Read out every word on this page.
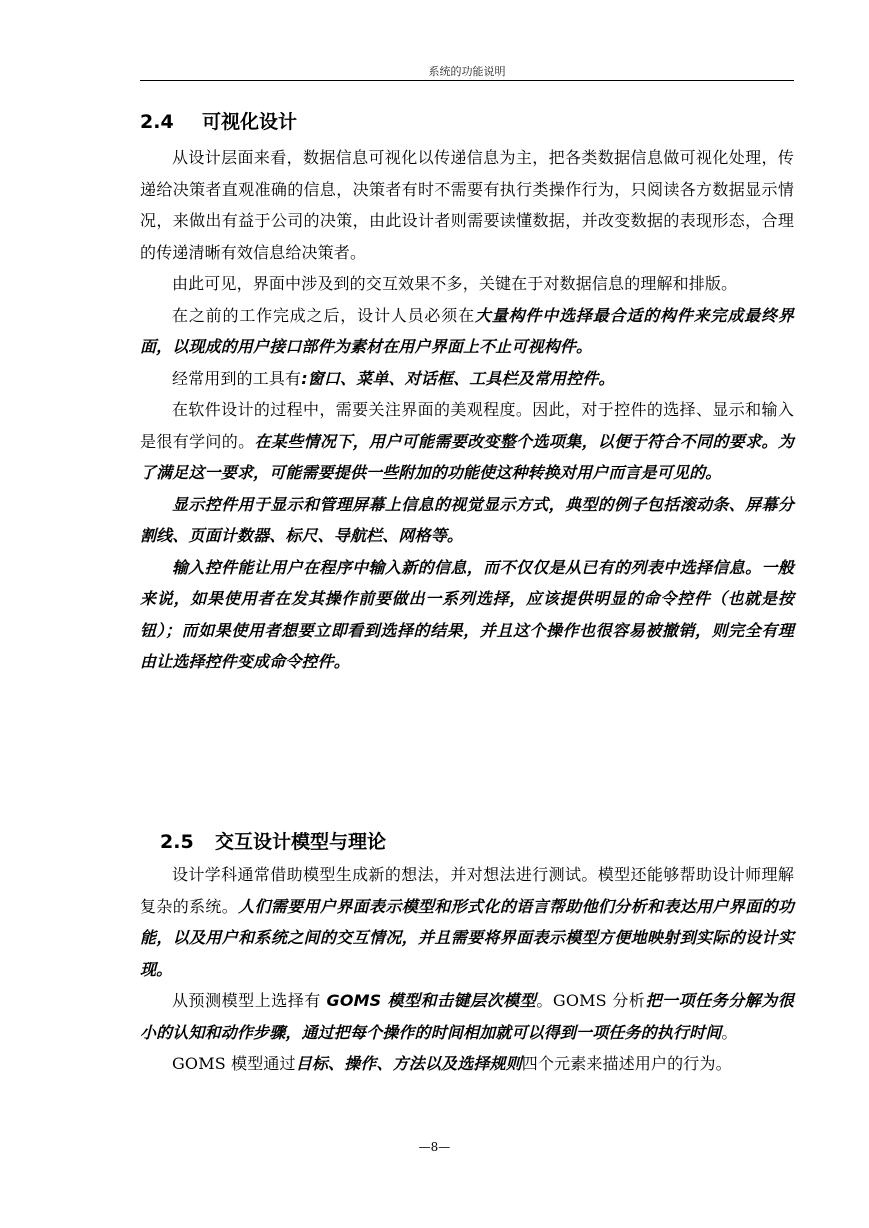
系统的功能说明
2.4 可视化设计

从设计层面来看，数据信息可视化以传递信息为主，把各类数据信息做可视化处理，传递给决策者直观准确的信息，决策者有时不需要有执行类操作行为，只阅读各方数据显示情况，来做出有益于公司的决策，由此设计者则需要读懂数据，并改变数据的表现形态，合理的传递清晰有效信息给决策者。

由此可见，界面中涉及到的交互效果不多，关键在于对数据信息的理解和排版。

在之前的工作完成之后，设计人员必须在大量构件中选择最合适的构件来完成最终界面，以现成的用户接口部件为素材在用户界面上不止可视构件。

经常用到的工具有:窗口、菜单、对话框、工具栏及常用控件。

在软件设计的过程中，需要关注界面的美观程度。因此，对于控件的选择、显示和输入是很有学问的。在某些情况下，用户可能需要改变整个选项集，以便于符合不同的要求。为了满足这一要求，可能需要提供一些附加的功能使这种转换对用户而言是可见的。

显示控件用于显示和管理屏幕上信息的视觉显示方式，典型的例子包括滚动条、屏幕分割线、页面计数器、标尺、导航栏、网格等。

输入控件能让用户在程序中输入新的信息，而不仅仅是从已有的列表中选择信息。一般来说，如果使用者在发其操作前要做出一系列选择，应该提供明显的命令控件（也就是按钮）；而如果使用者想要立即看到选择的结果，并且这个操作也很容易被撤销，则完全有理由让选择控件变成命令控件。

2.5 交互设计模型与理论

设计学科通常借助模型生成新的想法，并对想法进行测试。模型还能够帮助设计师理解复杂的系统。人们需要用户界面表示模型和形式化的语言帮助他们分析和表达用户界面的功能，以及用户和系统之间的交互情况，并且需要将界面表示模型方便地映射到实际的设计实现。

从预测模型上选择有 GOMS 模型和击键层次模型。GOMS 分析把一项任务分解为很小的认知和动作步骤，通过把每个操作的时间相加就可以得到一项任务的执行时间。

GOMS 模型通过目标、操作、方法以及选择规则四个元素来描述用户的行为。

—8—
